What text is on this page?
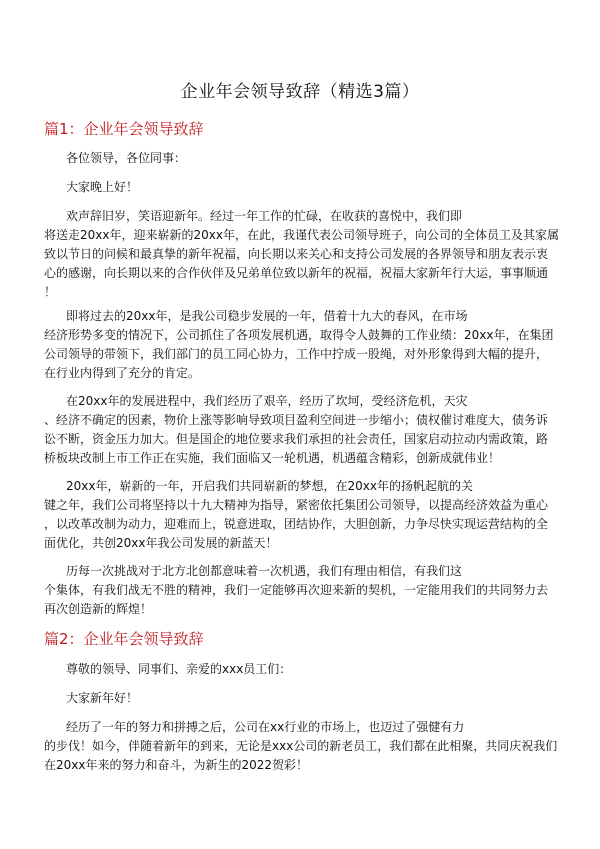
企业年会领导致辞（精选3篇）
篇1：企业年会领导致辞
各位领导，各位同事：
大家晚上好！
欢声辞旧岁，笑语迎新年。经过一年工作的忙碌，在收获的喜悦中，我们即
将送走20xx年，迎来崭新的20xx年，在此，我谨代表公司领导班子，向公司的全体员工及其家属
致以节日的问候和最真挚的新年祝福，向长期以来关心和支持公司发展的各界领导和朋友表示衷
心的感谢，向长期以来的合作伙伴及兄弟单位致以新年的祝福，祝福大家新年行大运，事事顺通
！
即将过去的20xx年，是我公司稳步发展的一年，借着十九大的春风，在市场
经济形势多变的情况下，公司抓住了各项发展机遇，取得令人鼓舞的工作业绩：20xx年，在集团
公司领导的带领下，我们部门的员工同心协力，工作中拧成一股绳，对外形象得到大幅的提升，
在行业内得到了充分的肯定。
在20xx年的发展进程中，我们经历了艰辛，经历了坎坷，受经济危机，天灾
、经济不确定的因素，物价上涨等影响导致项目盈利空间进一步缩小；债权催讨难度大，债务诉
讼不断，资金压力加大。但是国企的地位要求我们承担的社会责任，国家启动拉动内需政策，路
桥板块改制上市工作正在实施，我们面临又一轮机遇，机遇蕴含精彩，创新成就伟业！
20xx年，崭新的一年，开启我们共同崭新的梦想，在20xx年的扬帆起航的关
键之年，我们公司将坚持以十九大精神为指导，紧密依托集团公司领导，以提高经济效益为重心
，以改革改制为动力，迎难而上，锐意进取，团结协作，大胆创新，力争尽快实现运营结构的全
面优化，共创20xx年我公司发展的新蓝天！
历每一次挑战对于北方北创都意味着一次机遇，我们有理由相信，有我们这
个集体，有我们战无不胜的精神，我们一定能够再次迎来新的契机，一定能用我们的共同努力去
再次创造新的辉煌！
篇2：企业年会领导致辞
尊敬的领导、同事们、亲爱的xxx员工们：
大家新年好！
经历了一年的努力和拼搏之后，公司在xx行业的市场上，也迈过了强健有力
的步伐！如今，伴随着新年的到来，无论是xxx公司的新老员工，我们都在此相聚，共同庆祝我们
在20xx年来的努力和奋斗，为新生的2022贺彩！
